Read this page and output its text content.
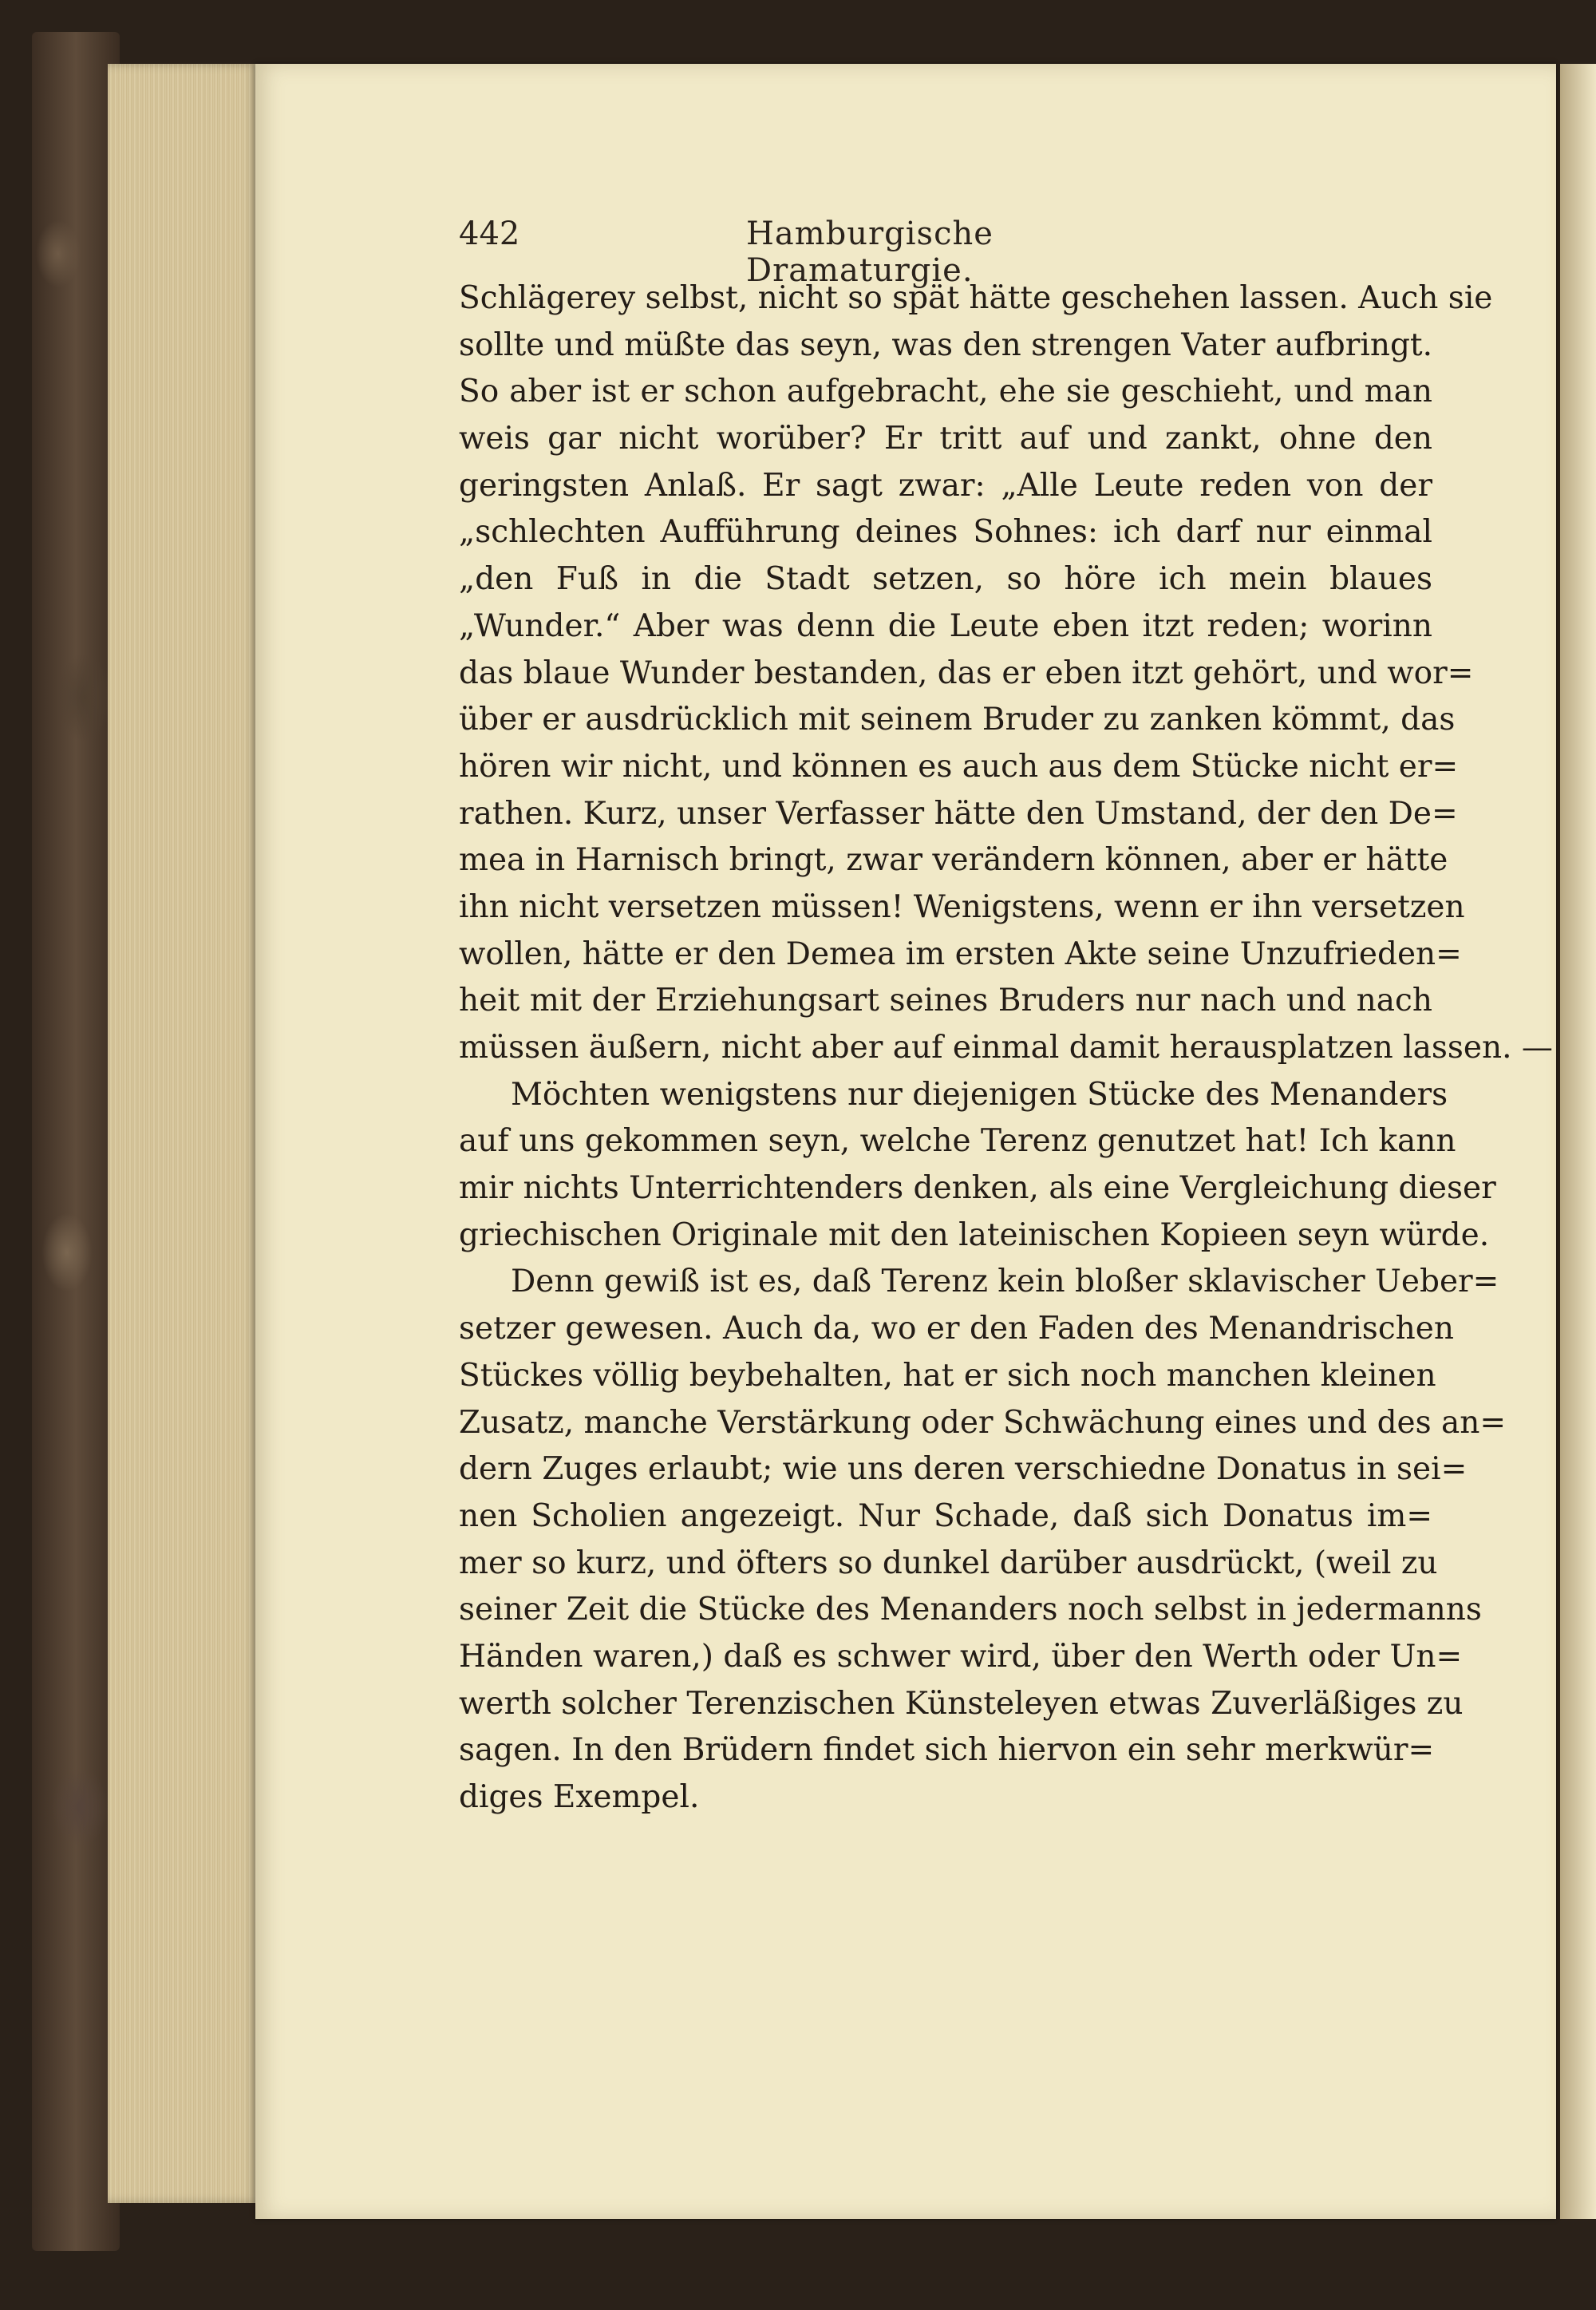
442	Hamburgische Dramaturgie.
Schlägerey selbst, nicht so spät hätte geschehen lassen. Auch sie
sollte und müßte das seyn, was den strengen Vater aufbringt.
So aber ist er schon aufgebracht, ehe sie geschieht, und man
weis gar nicht worüber? Er tritt auf und zankt, ohne den
geringsten Anlaß. Er sagt zwar: „Alle Leute reden von der
„schlechten Aufführung deines Sohnes: ich darf nur einmal
„den Fuß in die Stadt setzen, so höre ich mein blaues
„Wunder.“ Aber was denn die Leute eben itzt reden; worinn
das blaue Wunder bestanden, das er eben itzt gehört, und wor=
über er ausdrücklich mit seinem Bruder zu zanken kömmt, das
hören wir nicht, und können es auch aus dem Stücke nicht er=
rathen. Kurz, unser Verfasser hätte den Umstand, der den De=
mea in Harnisch bringt, zwar verändern können, aber er hätte
ihn nicht versetzen müssen! Wenigstens, wenn er ihn versetzen
wollen, hätte er den Demea im ersten Akte seine Unzufrieden=
heit mit der Erziehungsart seines Bruders nur nach und nach
müssen äußern, nicht aber auf einmal damit herausplatzen lassen. —
Möchten wenigstens nur diejenigen Stücke des Menanders
auf uns gekommen seyn, welche Terenz genutzet hat! Ich kann
mir nichts Unterrichtenders denken, als eine Vergleichung dieser
griechischen Originale mit den lateinischen Kopieen seyn würde.
Denn gewiß ist es, daß Terenz kein bloßer sklavischer Ueber=
setzer gewesen. Auch da, wo er den Faden des Menandrischen
Stückes völlig beybehalten, hat er sich noch manchen kleinen
Zusatz, manche Verstärkung oder Schwächung eines und des an=
dern Zuges erlaubt; wie uns deren verschiedne Donatus in sei=
nen Scholien angezeigt. Nur Schade, daß sich Donatus im=
mer so kurz, und öfters so dunkel darüber ausdrückt, (weil zu
seiner Zeit die Stücke des Menanders noch selbst in jedermanns
Händen waren,) daß es schwer wird, über den Werth oder Un=
werth solcher Terenzischen Künsteleyen etwas Zuverläßiges zu
sagen. In den Brüdern findet sich hiervon ein sehr merkwür=
diges Exempel.
